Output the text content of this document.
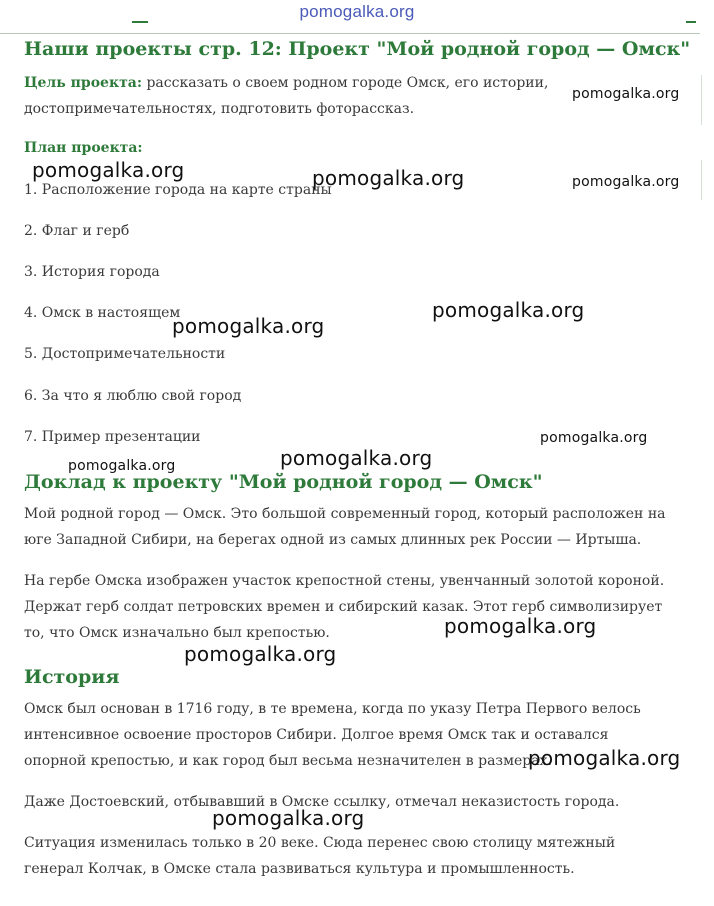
pomogalka.org
Наши проекты стр. 12: Проект "Мой родной город — Омск"

Цель проекта: рассказать о своем родном городе Омск, его истории, достопримечательностях, подготовить фоторассказ.

План проекта:
1. Расположение города на карте страны
2. Флаг и герб
3. История города
4. Омск в настоящем
5. Достопримечательности
6. За что я люблю свой город
7. Пример презентации
Доклад к проекту "Мой родной город — Омск"

Мой родной город — Омск. Это большой современный город, который расположен на юге Западной Сибири, на берегах одной из самых длинных рек России — Иртыша.

На гербе Омска изображен участок крепостной стены, увенчанный золотой короной. Держат герб солдат петровских времен и сибирский казак. Этот герб символизирует то, что Омск изначально был крепостью.

История

Омск был основан в 1716 году, в те времена, когда по указу Петра Первого велось интенсивное освоение просторов Сибири. Долгое время Омск так и оставался опорной крепостью, и как город был весьма незначителен в размерах.

Даже Достоевский, отбывавший в Омске ссылку, отмечал неказистость города.

Ситуация изменилась только в 20 веке. Сюда перенес свою столицу мятежный генерал Колчак, в Омске стала развиваться культура и промышленность.

pomogalka.org
pomogalka.org	pomogalka.org	pomogalka.org
pomogalka.org
pomogalka.org
pomogalka.org
pomogalka.org
pomogalka.org
pomogalka.org
pomogalka.org
pomogalka.org
pomogalka.org
